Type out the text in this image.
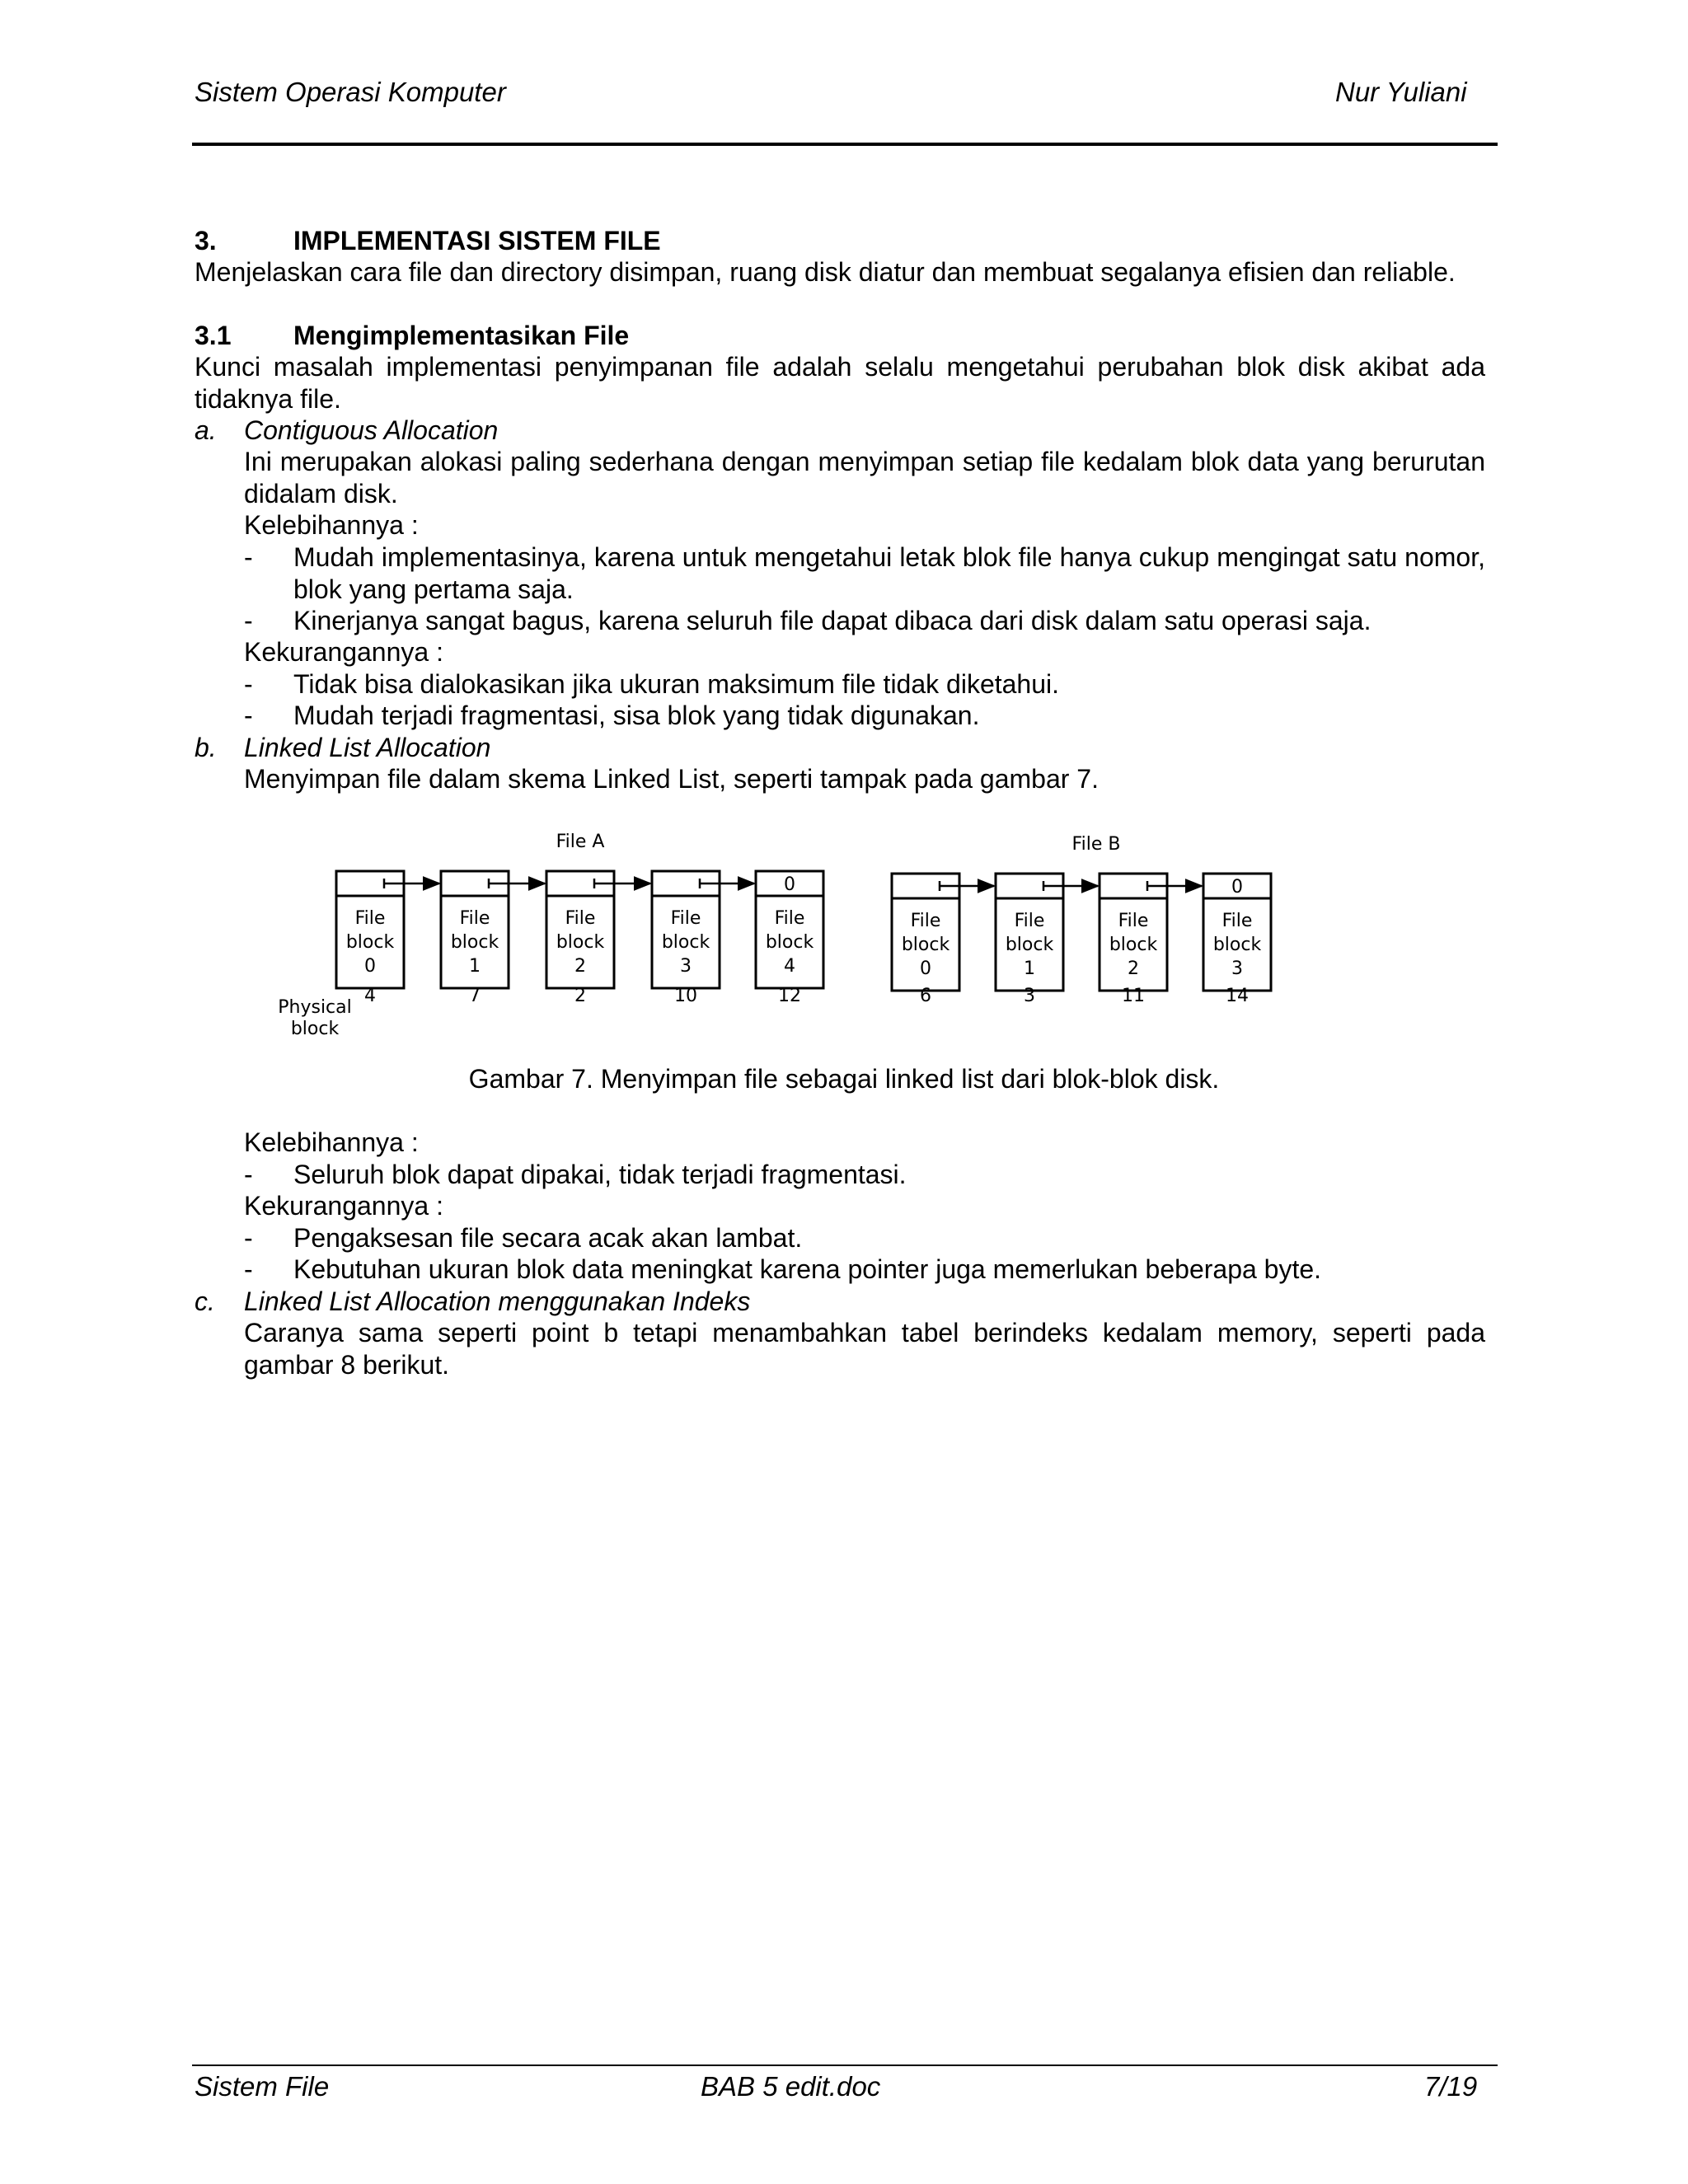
Sistem Operasi Komputer	Nur Yuliani
3.	IMPLEMENTASI SISTEM FILE
Menjelaskan cara file dan directory disimpan, ruang disk diatur dan membuat segalanya efisien dan reliable.
3.1 Mengimplementasikan File
Kunci masalah implementasi penyimpanan file adalah selalu mengetahui perubahan blok disk akibat ada tidaknya file.
a. Contiguous Allocation
Ini merupakan alokasi paling sederhana dengan menyimpan setiap file kedalam blok data yang berurutan didalam disk.
Kelebihannya :
- Mudah implementasinya, karena untuk mengetahui letak blok file hanya cukup mengingat satu nomor, blok yang pertama saja.
- Kinerjanya sangat bagus, karena seluruh file dapat dibaca dari disk dalam satu operasi saja.
Kekurangannya :
- Tidak bisa dialokasikan jika ukuran maksimum file tidak diketahui.
- Mudah terjadi fragmentasi, sisa blok yang tidak digunakan.
b. Linked List Allocation
Menyimpan file dalam skema Linked List, seperti tampak pada gambar 7.
File A	File B
Physical
block
File
block
0
4
File
block
1
7
File
block
2
2
File
block
3
10
File
block
4
12
0
File
block
0
6
File
block
1
3
File
block
2
11
File
block
3
14
0
Gambar 7. Menyimpan file sebagai linked list dari blok-blok disk.
Kelebihannya :
- Seluruh blok dapat dipakai, tidak terjadi fragmentasi.
Kekurangannya :
- Pengaksesan file secara acak akan lambat.
- Kebutuhan ukuran blok data meningkat karena pointer juga memerlukan beberapa byte.
c. Linked List Allocation menggunakan Indeks
Caranya sama seperti point b tetapi menambahkan tabel berindeks kedalam memory, seperti pada gambar 8 berikut.
Sistem File	BAB 5 edit.doc	7/19
